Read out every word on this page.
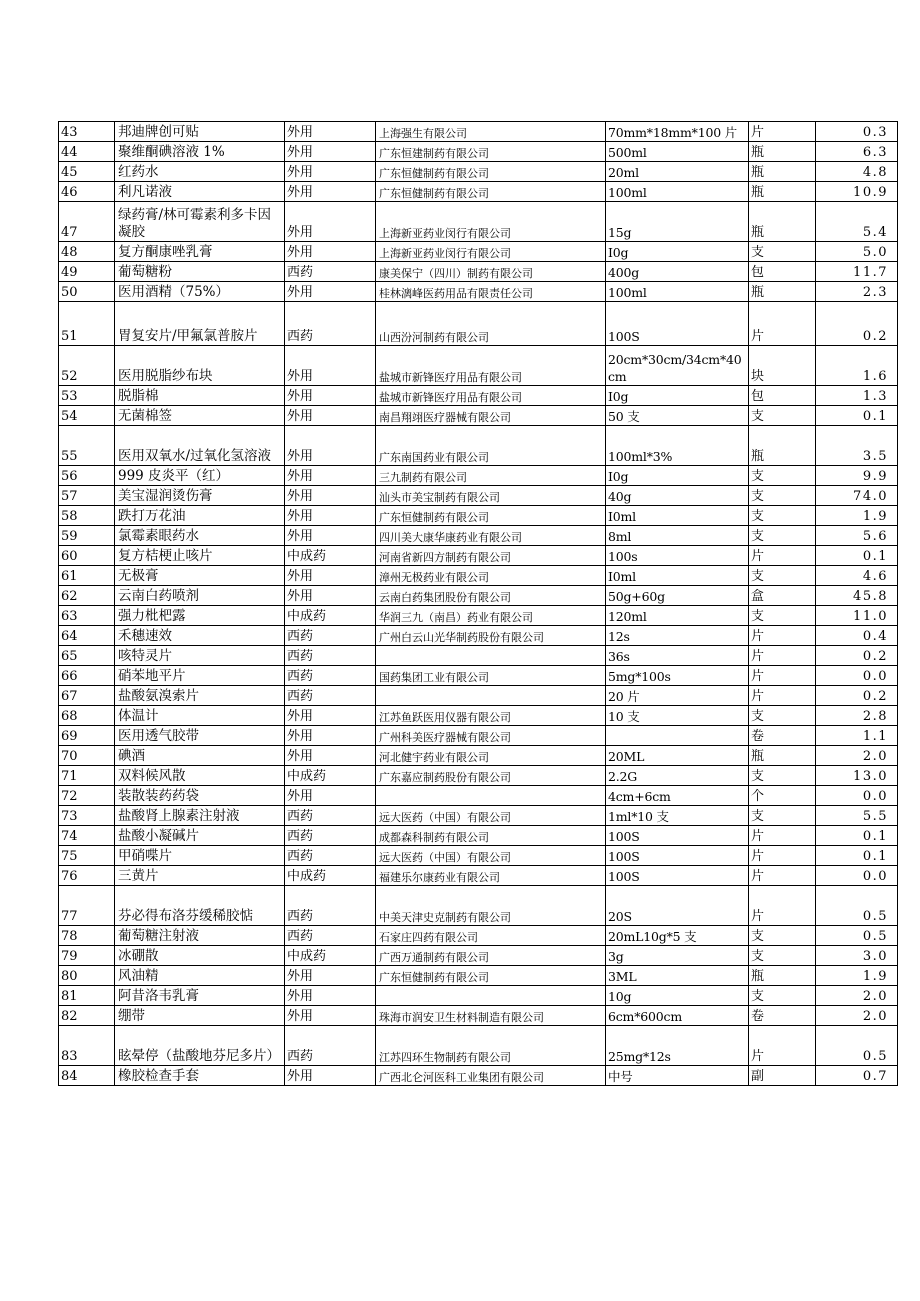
43	邦迪牌创可贴	外用	上海强生有限公司	70mm*18mm*100 片	片	0.3
44	聚维酮碘溶液 1%	外用	广东恒建制药有限公司	500ml	瓶	6.3
45	红药水	外用	广东恒健制药有限公司	20ml	瓶	4.8
46	利凡诺液	外用	广东恒健制药有限公司	100ml	瓶	10.9
47	绿药膏/林可霉素利多卡因凝胶	外用	上海新亚药业闵行有限公司	15g	瓶	5.4
48	复方酮康唑乳膏	外用	上海新亚药业闵行有限公司	I0g	支	5.0
49	葡萄糖粉	西药	康美保宁（四川）制药有限公司	400g	包	11.7
50	医用酒精（75%）	外用	桂林漓峰医药用品有限责任公司	100ml	瓶	2.3
51	胃复安片/甲氟氯普胺片	西药	山西汾河制药有限公司	100S	片	0.2
52	医用脱脂纱布块	外用	盐城市新锋医疗用品有限公司	20cm*30cm/34cm*40cm	块	1.6
53	脱脂棉	外用	盐城市新锋医疗用品有限公司	I0g	包	1.3
54	无菌棉签	外用	南昌翔翊医疗器械有限公司	50 支	支	0.1
55	医用双氧水/过氧化氢溶液	外用	广东南国药业有限公司	100ml*3%	瓶	3.5
56	999 皮炎平（红）	外用	三九制药有限公司	I0g	支	9.9
57	美宝湿润烫伤膏	外用	汕头市美宝制药有限公司	40g	支	74.0
58	跌打万花油	外用	广东恒健制药有限公司	I0ml	支	1.9
59	氯霉素眼药水	外用	四川美大康华康药业有限公司	8ml	支	5.6
60	复方桔梗止咳片	中成药	河南省新四方制药有限公司	100s	片	0.1
61	无极膏	外用	漳州无极药业有限公司	I0ml	支	4.6
62	云南白药喷剂	外用	云南白药集团股份有限公司	50g+60g	盒	45.8
63	强力枇杷露	中成药	华润三九（南昌）药业有限公司	120ml	支	11.0
64	禾穗速效	西药	广州白云山光华制药股份有限公司	12s	片	0.4
65	咳特灵片	西药		36s	片	0.2
66	硝苯地平片	西药	国药集团工业有限公司	5mg*100s	片	0.0
67	盐酸氨溴索片	西药		20 片	片	0.2
68	体温计	外用	江苏鱼跃医用仪器有限公司	10 支	支	2.8
69	医用透气胶带	外用	广州科美医疗器械有限公司		卷	1.1
70	碘酒	外用	河北健宇药业有限公司	20ML	瓶	2.0
71	双料候风散	中成药	广东嘉应制药股份有限公司	2.2G	支	13.0
72	装散装药药袋	外用		4cm+6cm	个	0.0
73	盐酸肾上腺素注射液	西药	远大医药（中国）有限公司	1ml*10 支	支	5.5
74	盐酸小凝碱片	西药	成都森科制药有限公司	100S	片	0.1
75	甲硝喋片	西药	远大医药（中国）有限公司	100S	片	0.1
76	三黄片	中成药	福建乐尔康药业有限公司	100S	片	0.0
77	芬必得布洛芬缓稀胶惦	西药	中美天津史克制药有限公司	20S	片	0.5
78	葡萄糖注射液	西药	石家庄四药有限公司	20mL10g*5 支	支	0.5
79	冰硼散	中成药	广西万通制药有限公司	3g	支	3.0
80	风油精	外用	广东恒健制药有限公司	3ML	瓶	1.9
81	阿昔洛韦乳膏	外用		10g	支	2.0
82	绷带	外用	珠海市润安卫生材料制造有限公司	6cm*600cm	卷	2.0
83	眩晕停（盐酸地芬尼多片）	西药	江苏四环生物制药有限公司	25mg*12s	片	0.5
84	橡胶检查手套	外用	广西北仑河医科工业集团有限公司	中号	副	0.7
